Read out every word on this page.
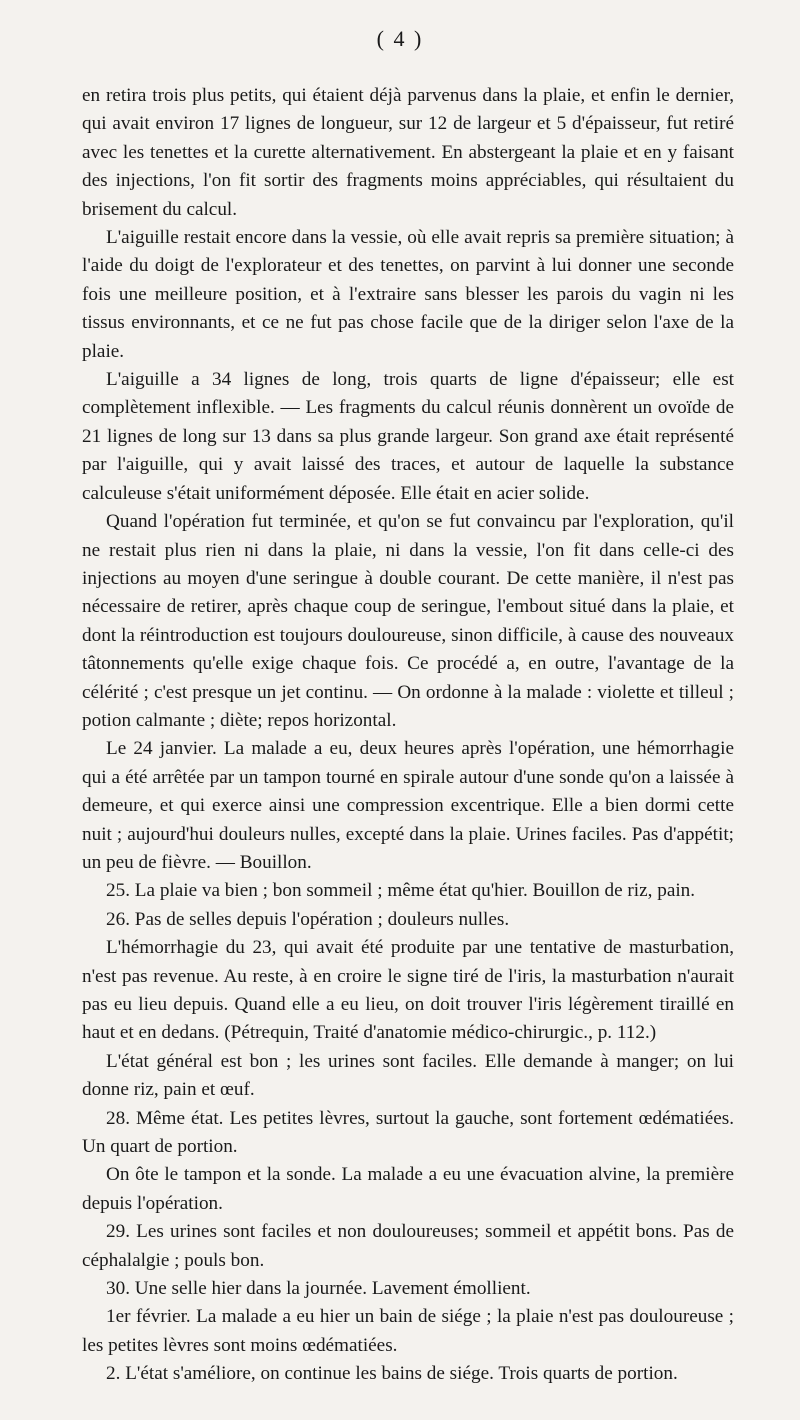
( 4 )

en retira trois plus petits, qui étaient déjà parvenus dans la plaie, et enfin le dernier, qui avait environ 17 lignes de longueur, sur 12 de largeur et 5 d'épaisseur, fut retiré avec les tenettes et la curette alternativement. En abstergeant la plaie et en y faisant des injections, l'on fit sortir des fragments moins appréciables, qui résultaient du brisement du calcul.

L'aiguille restait encore dans la vessie, où elle avait repris sa première situation; à l'aide du doigt de l'explorateur et des tenettes, on parvint à lui donner une seconde fois une meilleure position, et à l'extraire sans blesser les parois du vagin ni les tissus environnants, et ce ne fut pas chose facile que de la diriger selon l'axe de la plaie.

L'aiguille a 34 lignes de long, trois quarts de ligne d'épaisseur; elle est complètement inflexible. — Les fragments du calcul réunis donnèrent un ovoïde de 21 lignes de long sur 13 dans sa plus grande largeur. Son grand axe était représenté par l'aiguille, qui y avait laissé des traces, et autour de laquelle la substance calculeuse s'était uniformément déposée. Elle était en acier solide.

Quand l'opération fut terminée, et qu'on se fut convaincu par l'exploration, qu'il ne restait plus rien ni dans la plaie, ni dans la vessie, l'on fit dans celle-ci des injections au moyen d'une seringue à double courant. De cette manière, il n'est pas nécessaire de retirer, après chaque coup de seringue, l'embout situé dans la plaie, et dont la réintroduction est toujours douloureuse, sinon difficile, à cause des nouveaux tâtonnements qu'elle exige chaque fois. Ce procédé a, en outre, l'avantage de la célérité ; c'est presque un jet continu. — On ordonne à la malade : violette et tilleul ; potion calmante ; diète; repos horizontal.

Le 24 janvier. La malade a eu, deux heures après l'opération, une hémorrhagie qui a été arrêtée par un tampon tourné en spirale autour d'une sonde qu'on a laissée à demeure, et qui exerce ainsi une compression excentrique. Elle a bien dormi cette nuit ; aujourd'hui douleurs nulles, excepté dans la plaie. Urines faciles. Pas d'appétit; un peu de fièvre. — Bouillon.

25. La plaie va bien ; bon sommeil ; même état qu'hier. Bouillon de riz, pain.

26. Pas de selles depuis l'opération ; douleurs nulles.

L'hémorrhagie du 23, qui avait été produite par une tentative de masturbation, n'est pas revenue. Au reste, à en croire le signe tiré de l'iris, la masturbation n'aurait pas eu lieu depuis. Quand elle a eu lieu, on doit trouver l'iris légèrement tiraillé en haut et en dedans. (Pétrequin, Traité d'anatomie médico-chirurgic., p. 112.)

L'état général est bon ; les urines sont faciles. Elle demande à manger; on lui donne riz, pain et œuf.

28. Même état. Les petites lèvres, surtout la gauche, sont fortement œdématiées. Un quart de portion.

On ôte le tampon et la sonde. La malade a eu une évacuation alvine, la première depuis l'opération.

29. Les urines sont faciles et non douloureuses; sommeil et appétit bons. Pas de céphalalgie ; pouls bon.

30. Une selle hier dans la journée. Lavement émollient.

1er février. La malade a eu hier un bain de siége ; la plaie n'est pas douloureuse ; les petites lèvres sont moins œdématiées.

2. L'état s'améliore, on continue les bains de siége. Trois quarts de portion.
